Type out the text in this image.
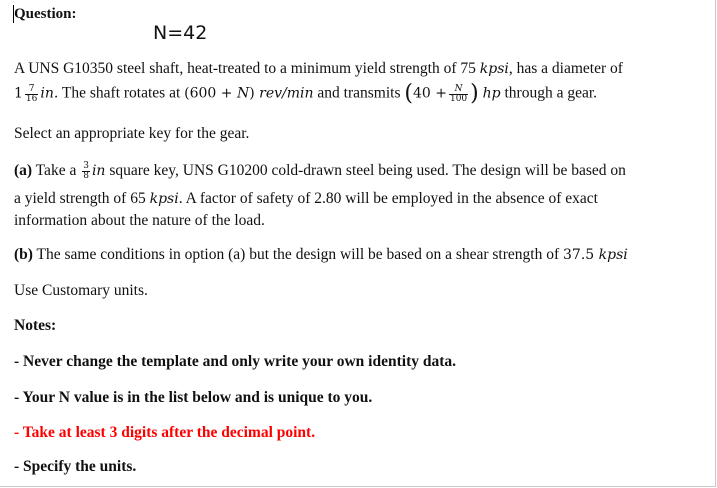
Question:
N=42
A UNS G10350 steel shaft, heat-treated to a minimum yield strength of 75 kpsi, has a diameter of
$1 \frac{7}{16}$ in. The shaft rotates at (600 + N) rev/min and transmits ($40 + \frac{N}{100}$ ) hp through a gear.
Select an appropriate key for the gear.
(a) Take a $\frac{3}{8}$ in square key, UNS G10200 cold-drawn steel being used. The design will be based on
a yield strength of 65 kpsi. A factor of safety of 2.80 will be employed in the absence of exact
information about the nature of the load.
(b) The same conditions in option (a) but the design will be based on a shear strength of 37.5 kpsi
Use Customary units.
Notes:
- Never change the template and only write your own identity data.
- Your N value is in the list below and is unique to you.
- Take at least 3 digits after the decimal point.
- Specify the units.
